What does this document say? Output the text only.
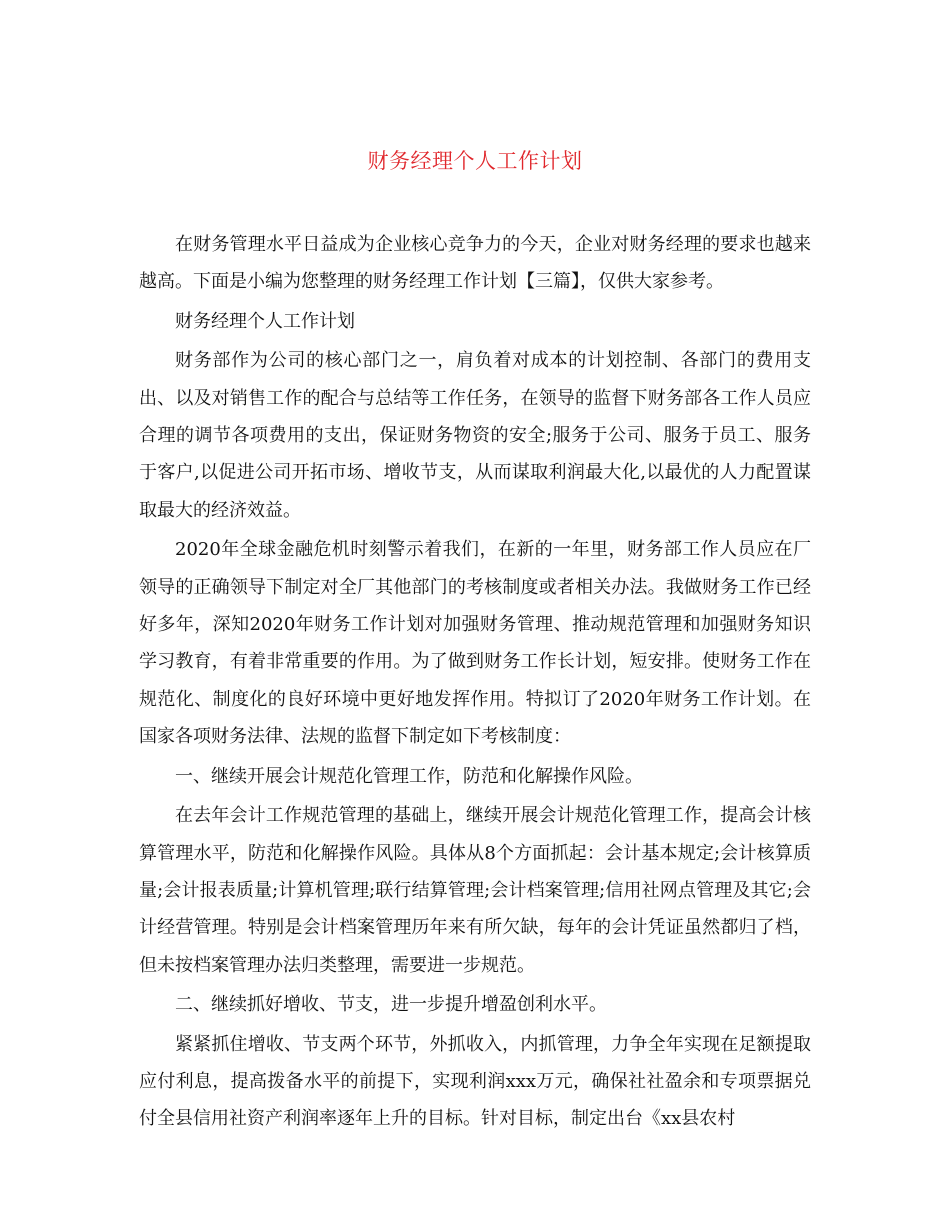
财务经理个人工作计划

在财务管理水平日益成为企业核心竞争力的今天，企业对财务经理的要求也越来越高。下面是小编为您整理的财务经理工作计划【三篇】，仅供大家参考。

财务经理个人工作计划

财务部作为公司的核心部门之一，肩负着对成本的计划控制、各部门的费用支出、以及对销售工作的配合与总结等工作任务，在领导的监督下财务部各工作人员应合理的调节各项费用的支出，保证财务物资的安全;服务于公司、服务于员工、服务于客户,以促进公司开拓市场、增收节支，从而谋取利润最大化,以最优的人力配置谋取最大的经济效益。

2020年全球金融危机时刻警示着我们，在新的一年里，财务部工作人员应在厂领导的正确领导下制定对全厂其他部门的考核制度或者相关办法。我做财务工作已经好多年，深知2020年财务工作计划对加强财务管理、推动规范管理和加强财务知识学习教育，有着非常重要的作用。为了做到财务工作长计划，短安排。使财务工作在规范化、制度化的良好环境中更好地发挥作用。特拟订了2020年财务工作计划。在国家各项财务法律、法规的监督下制定如下考核制度：

一、继续开展会计规范化管理工作，防范和化解操作风险。

在去年会计工作规范管理的基础上，继续开展会计规范化管理工作，提高会计核算管理水平，防范和化解操作风险。具体从8个方面抓起：会计基本规定;会计核算质量;会计报表质量;计算机管理;联行结算管理;会计档案管理;信用社网点管理及其它;会计经营管理。特别是会计档案管理历年来有所欠缺，每年的会计凭证虽然都归了档，但未按档案管理办法归类整理，需要进一步规范。

二、继续抓好增收、节支，进一步提升增盈创利水平。

紧紧抓住增收、节支两个环节，外抓收入，内抓管理，力争全年实现在足额提取应付利息，提高拨备水平的前提下，实现利润xxx万元，确保社社盈余和专项票据兑付全县信用社资产利润率逐年上升的目标。针对目标，制定出台《xx县农村
